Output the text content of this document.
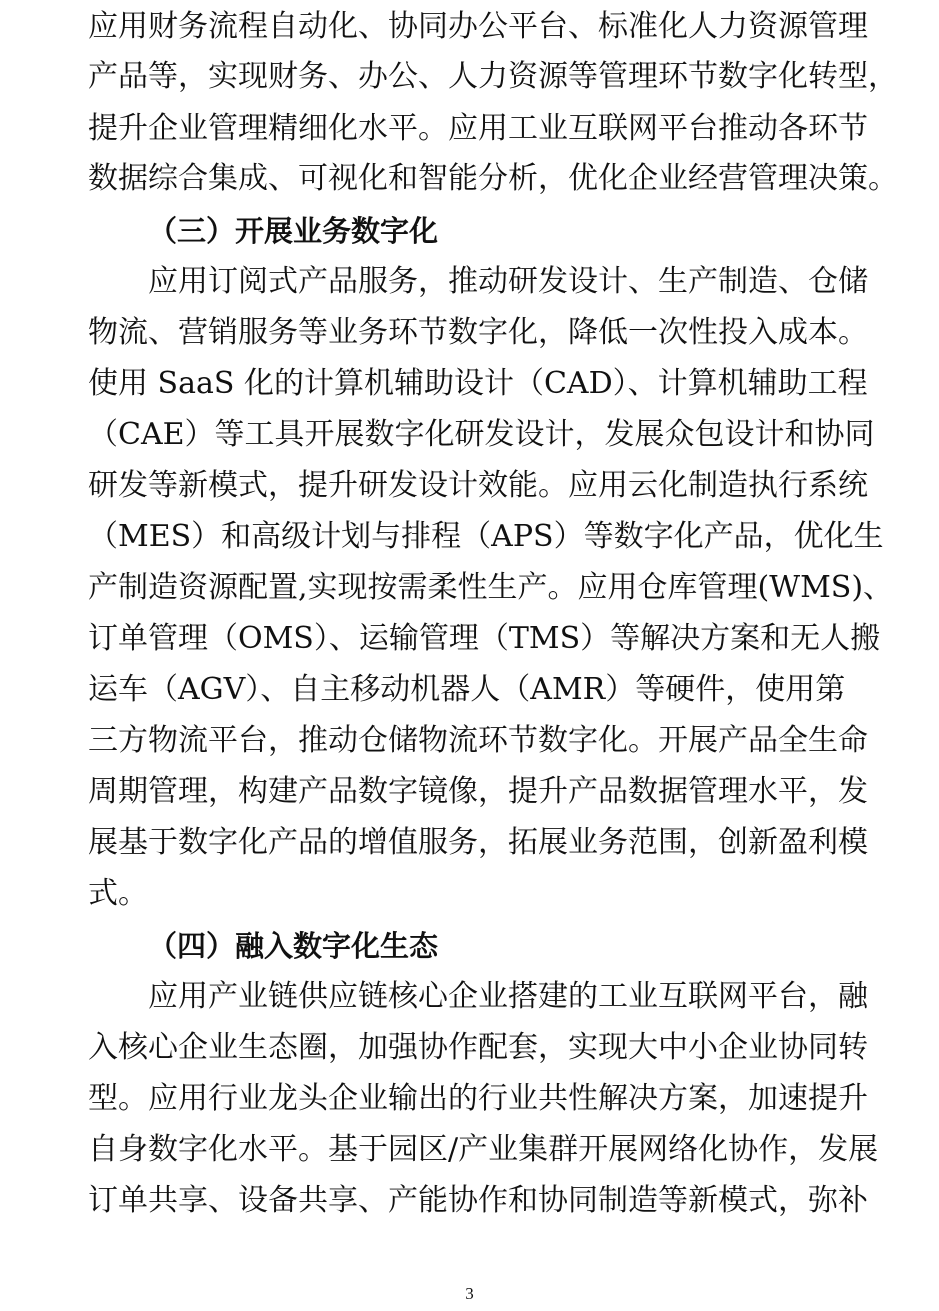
应用财务流程自动化、协同办公平台、标准化人力资源管理
产品等，实现财务、办公、人力资源等管理环节数字化转型，
提升企业管理精细化水平。应用工业互联网平台推动各环节
数据综合集成、可视化和智能分析，优化企业经营管理决策。
（三）开展业务数字化
应用订阅式产品服务，推动研发设计、生产制造、仓储
物流、营销服务等业务环节数字化，降低一次性投入成本。
使用 SaaS 化的计算机辅助设计（CAD）、计算机辅助工程
（CAE）等工具开展数字化研发设计，发展众包设计和协同
研发等新模式，提升研发设计效能。应用云化制造执行系统
（MES）和高级计划与排程（APS）等数字化产品，优化生
产制造资源配置,实现按需柔性生产。应用仓库管理(WMS)、
订单管理（OMS）、运输管理（TMS）等解决方案和无人搬
运车（AGV）、自主移动机器人（AMR）等硬件，使用第
三方物流平台，推动仓储物流环节数字化。开展产品全生命
周期管理，构建产品数字镜像，提升产品数据管理水平，发
展基于数字化产品的增值服务，拓展业务范围，创新盈利模
式。
（四）融入数字化生态
应用产业链供应链核心企业搭建的工业互联网平台，融
入核心企业生态圈，加强协作配套，实现大中小企业协同转
型。应用行业龙头企业输出的行业共性解决方案，加速提升
自身数字化水平。基于园区/产业集群开展网络化协作，发展
订单共享、设备共享、产能协作和协同制造等新模式，弥补
3
